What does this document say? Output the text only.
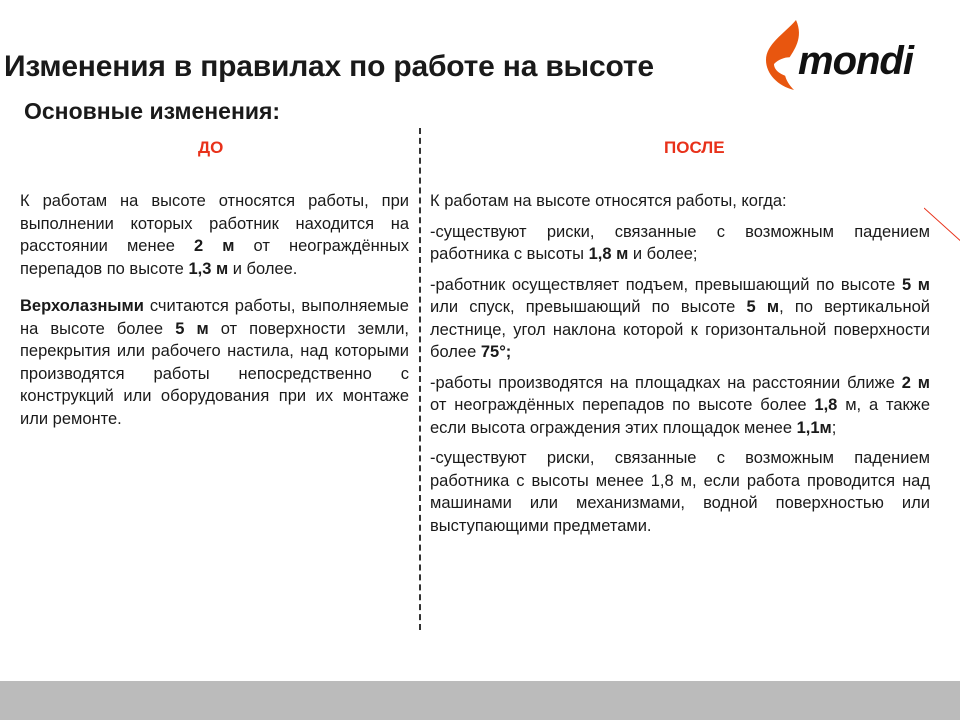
Изменения в правилах по работе на высоте
Основные изменения:
mondi
ДО	ПОСЛЕ

К работам на высоте относятся работы, при выполнении которых работник находится на расстоянии менее 2 м от неограждённых перепадов по высоте 1,3 м и более.

Верхолазными считаются работы, выполняемые на высоте более 5 м от поверхности земли, перекрытия или рабочего настила, над которыми производятся работы непосредственно с конструкций или оборудования при их монтаже или ремонте.

К работам на высоте относятся работы, когда:

-существуют риски, связанные с возможным падением работника с высоты 1,8 м и более;

-работник осуществляет подъем, превышающий по высоте 5 м или спуск, превышающий по высоте 5 м, по вертикальной лестнице, угол наклона которой к горизонтальной поверхности более 75°;

-работы производятся на площадках на расстоянии ближе 2 м от неограждённых перепадов по высоте более 1,8 м, а также если высота ограждения этих площадок менее 1,1м;

-существуют риски, связанные с возможным падением работника с высоты менее 1,8 м, если работа проводится над машинами или механизмами, водной поверхностью или выступающими предметами.
